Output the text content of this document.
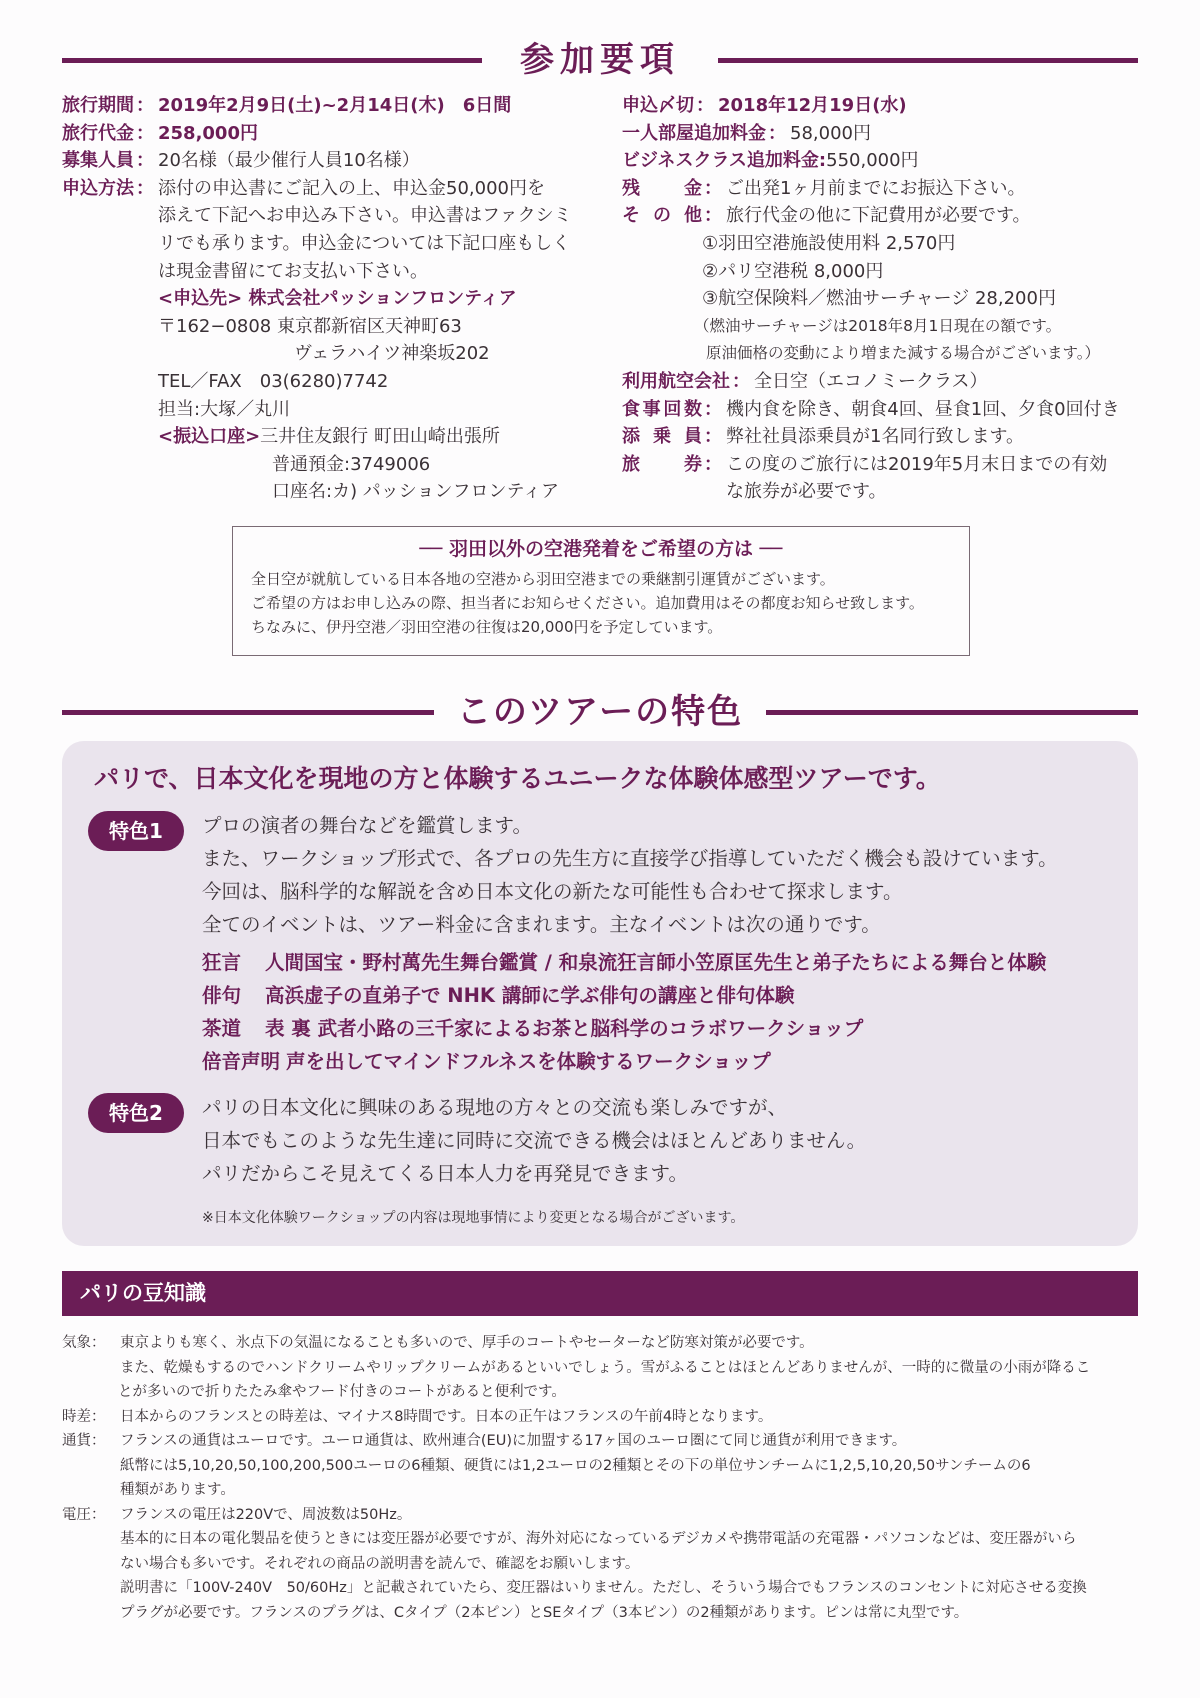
参加要項
旅行期間 ： 2019年2月9日(土)~2月14日(木)　6日間
旅行代金 ： 258,000円
募集人員 ： 20名様（最少催行人員10名様）
申込方法 ： 添付の申込書にご記入の上、申込金50,000円を
添えて下記へお申込み下さい。申込書はファクシミ
リでも承ります。申込金については下記口座もしく
は現金書留にてお支払い下さい。
<申込先> 株式会社パッションフロンティア
〒162−0808 東京都新宿区天神町63
ヴェラハイツ神楽坂202
TEL／FAX　03(6280)7742
担当:大塚／丸川
<振込口座>三井住友銀行 町田山崎出張所
普通預金:3749006
口座名:カ) パッションフロンティア
申込〆切 ： 2018年12月19日(水)
一人部屋追加料金 ： 58,000円
ビジネスクラス追加料金 : 550,000円
残　　金 ： ご出発1ヶ月前までにお振込下さい。
そ の 他 ： 旅行代金の他に下記費用が必要です。
①羽田空港施設使用料 2,570円
②パリ空港税 8,000円
③航空保険料／燃油サーチャージ 28,200円
（燃油サーチャージは2018年8月1日現在の額です。
原油価格の変動により増また減する場合がございます。）
利用航空会社 ： 全日空（エコノミークラス）
食事回数 ： 機内食を除き、朝食4回、昼食1回、夕食0回付き
添 乗 員 ： 弊社社員添乗員が1名同行致します。
旅　　券 ： この度のご旅行には2019年5月末日までの有効
な旅券が必要です。
── 羽田以外の空港発着をご希望の方は ──
全日空が就航している日本各地の空港から羽田空港までの乗継割引運賃がございます。
ご希望の方はお申し込みの際、担当者にお知らせください。追加費用はその都度お知らせ致します。
ちなみに、伊丹空港／羽田空港の往復は20,000円を予定しています。
このツアーの特色
パリで、日本文化を現地の方と体験するユニークな体験体感型ツアーです。
特色1	プロの演者の舞台などを鑑賞します。
また、ワークショップ形式で、各プロの先生方に直接学び指導していただく機会も設けています。
今回は、脳科学的な解説を含め日本文化の新たな可能性も合わせて探求します。
全てのイベントは、ツアー料金に含まれます。主なイベントは次の通りです。
狂言 人間国宝・野村萬先生舞台鑑賞 / 和泉流狂言師小笠原匡先生と弟子たちによる舞台と体験
俳句 高浜虚子の直弟子で NHK 講師に学ぶ俳句の講座と俳句体験
茶道 表 裏 武者小路の三千家によるお茶と脳科学のコラボワークショップ
倍音声明 声を出してマインドフルネスを体験するワークショップ
特色2	パリの日本文化に興味のある現地の方々との交流も楽しみですが、
日本でもこのような先生達に同時に交流できる機会はほとんどありません。
パリだからこそ見えてくる日本人力を再発見できます。
※日本文化体験ワークショップの内容は現地事情により変更となる場合がございます。
パリの豆知識
気象：	東京よりも寒く、氷点下の気温になることも多いので、厚手のコートやセーターなど防寒対策が必要です。

また、乾燥もするのでハンドクリームやリップクリームがあるといいでしょう。雪がふることはほとんどありませんが、一時的に微量の小雨が降るこ

とが多いので折りたたみ傘やフード付きのコートがあると便利です。

時差：	日本からのフランスとの時差は、マイナス8時間です。日本の正午はフランスの午前4時となります。

通貨：	フランスの通貨はユーロです。ユーロ通貨は、欧州連合(EU)に加盟する17ヶ国のユーロ圏にて同じ通貨が利用できます。

紙幣には5,10,20,50,100,200,500ユーロの6種類、硬貨には1,2ユーロの2種類とその下の単位サンチームに1,2,5,10,20,50サンチームの6

種類があります。

電圧：	フランスの電圧は220Vで、周波数は50Hz。

基本的に日本の電化製品を使うときには変圧器が必要ですが、海外対応になっているデジカメや携帯電話の充電器・パソコンなどは、変圧器がいら

ない場合も多いです。それぞれの商品の説明書を読んで、確認をお願いします。

説明書に「100V-240V　50/60Hz」と記載されていたら、変圧器はいりません。ただし、そういう場合でもフランスのコンセントに対応させる変換

プラグが必要です。フランスのプラグは、Cタイプ（2本ピン）とSEタイプ（3本ピン）の2種類があります。ピンは常に丸型です。
